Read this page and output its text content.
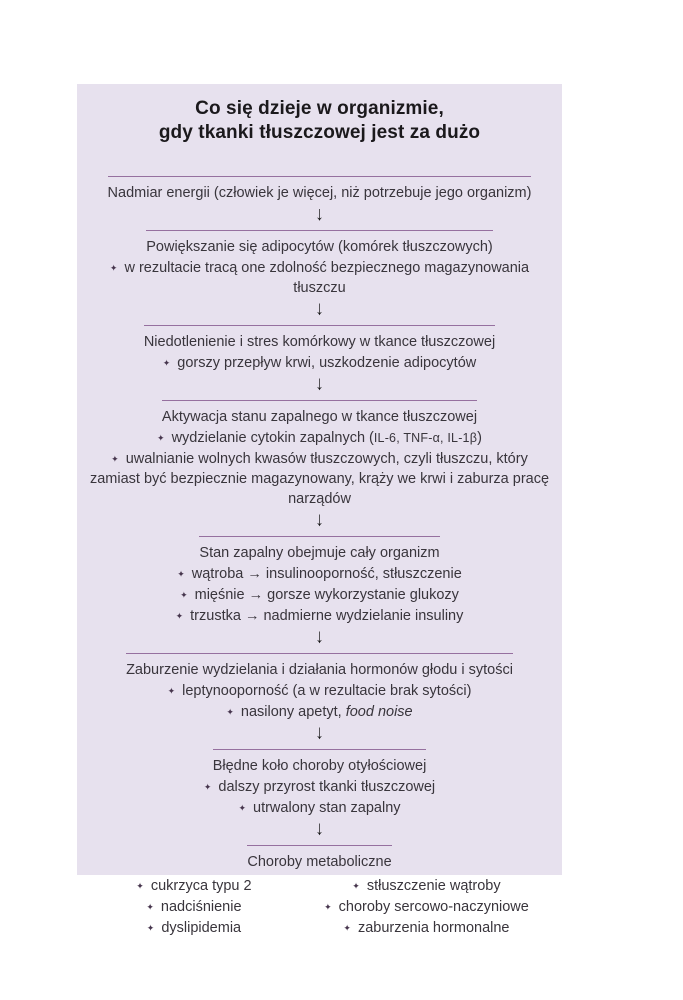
Co się dzieje w organizmie,
gdy tkanki tłuszczowej jest za dużo
Nadmiar energii (człowiek je więcej, niż potrzebuje jego organizm)
↓
Powiększanie się adipocytów (komórek tłuszczowych)
✦ w rezultacie tracą one zdolność bezpiecznego magazynowania tłuszczu
↓
Niedotlenienie i stres komórkowy w tkance tłuszczowej
✦ gorszy przepływ krwi, uszkodzenie adipocytów
↓
Aktywacja stanu zapalnego w tkance tłuszczowej
✦ wydzielanie cytokin zapalnych (IL-6, TNF-α, IL-1β)
✦ uwalnianie wolnych kwasów tłuszczowych, czyli tłuszczu, który zamiast być bezpiecznie magazynowany, krąży we krwi i zaburza pracę narządów
↓
Stan zapalny obejmuje cały organizm
✦ wątroba → insulinooporność, stłuszczenie
✦ mięśnie → gorsze wykorzystanie glukozy
✦ trzustka → nadmierne wydzielanie insuliny
↓
Zaburzenie wydzielania i działania hormonów głodu i sytości
✦ leptynooporność (a w rezultacie brak sytości)
✦ nasilony apetyt, food noise
↓
Błędne koło choroby otyłościowej
✦ dalszy przyrost tkanki tłuszczowej
✦ utrwalony stan zapalny
↓
Choroby metaboliczne
✦ cukrzyca typu 2
✦ nadciśnienie
✦ dyslipidemia
✦ stłuszczenie wątroby
✦ choroby sercowo-naczyniowe
✦ zaburzenia hormonalne
